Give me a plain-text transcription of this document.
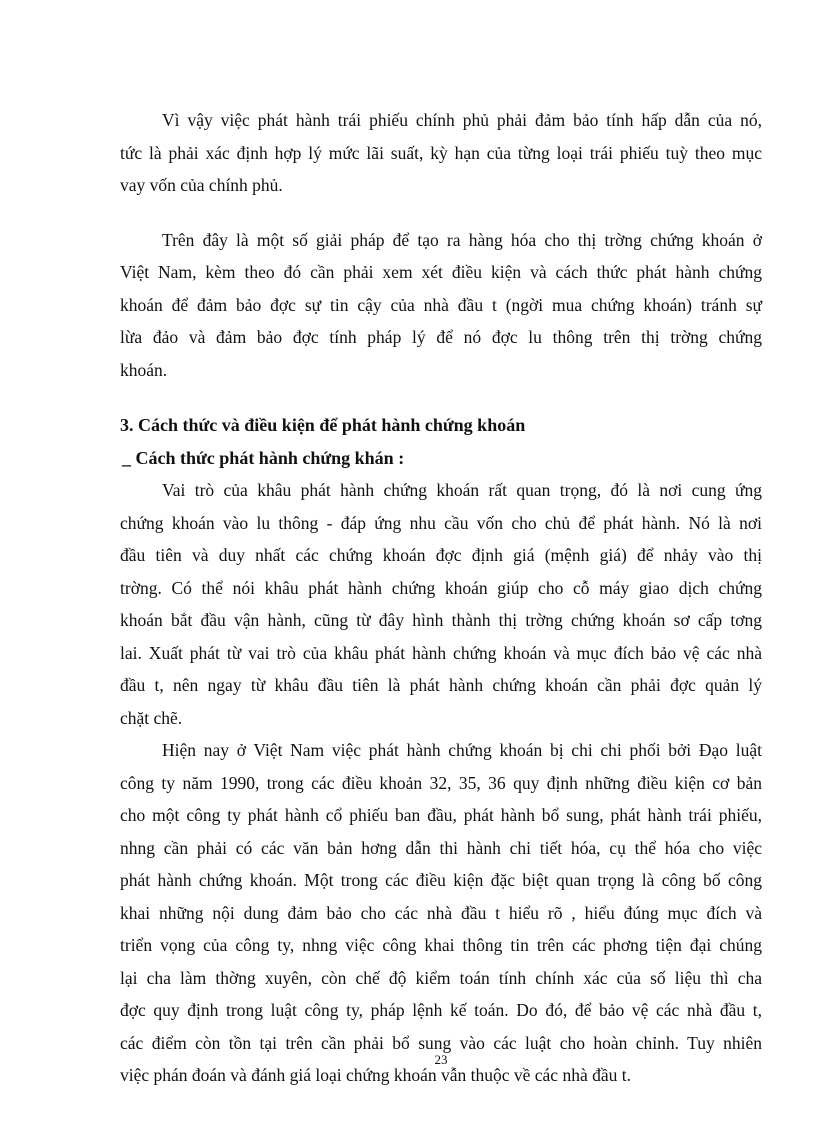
Vì vậy việc phát hành trái phiếu chính phủ phải đảm bảo tính hấp dẫn của nó,
tức là phải xác định hợp lý mức lãi suất, kỳ hạn của từng loại trái phiếu tuỳ theo mục
vay vốn của chính phủ.
Trên đây là một số giải pháp để tạo ra hàng hóa cho thị trờng chứng khoán ở
Việt Nam, kèm theo đó cần phải xem xét điều kiện và cách thức phát hành chứng
khoán để đảm bảo đợc sự tin cậy của nhà đầu t (ngời mua chứng khoán) tránh sự
lừa đảo và đảm bảo đợc tính pháp lý để nó đợc lu thông trên thị trờng chứng
khoán.
3. Cách thức và điều kiện để phát hành chứng khoán
_ Cách thức phát hành chứng khán :
Vai trò của khâu phát hành chứng khoán rất quan trọng, đó là nơi cung ứng
chứng khoán vào lu thông - đáp ứng nhu cầu vốn cho chủ để phát hành. Nó là nơi
đầu tiên và duy nhất các chứng khoán đợc định giá (mệnh giá) để nhảy vào thị
trờng. Có thể nói khâu phát hành chứng khoán giúp cho cỗ máy giao dịch chứng
khoán bắt đầu vận hành, cũng từ đây hình thành thị trờng chứng khoán sơ cấp tơng
lai. Xuất phát từ vai trò của khâu phát hành chứng khoán và mục đích bảo vệ các nhà
đầu t, nên ngay từ khâu đầu tiên là phát hành chứng khoán cần phải đợc quản lý
chặt chẽ.
Hiện nay ở Việt Nam việc phát hành chứng khoán bị chi chi phối bởi Đạo luật
công ty năm 1990, trong các điều khoản 32, 35, 36 quy định những điều kiện cơ bản
cho một công ty phát hành cổ phiếu ban đầu, phát hành bổ sung, phát hành trái phiếu,
nhng cần phải có các văn bản hơng dẫn thi hành chi tiết hóa, cụ thể hóa cho việc
phát hành chứng khoán. Một trong các điều kiện đặc biệt quan trọng là công bố công
khai những nội dung đảm bảo cho các nhà đầu t hiểu rõ , hiểu đúng mục đích và
triển vọng của công ty, nhng việc công khai thông tin trên các phơng tiện đại chúng
lại cha làm thờng xuyên, còn chế độ kiểm toán tính chính xác của số liệu thì cha
đợc quy định trong luật công ty, pháp lệnh kế toán. Do đó, để bảo vệ các nhà đầu t,
các điểm còn tồn tại trên cần phải bổ sung vào các luật cho hoàn chỉnh. Tuy nhiên
việc phán đoán và đánh giá loại chứng khoán vẫn thuộc về các nhà đầu t.
23
